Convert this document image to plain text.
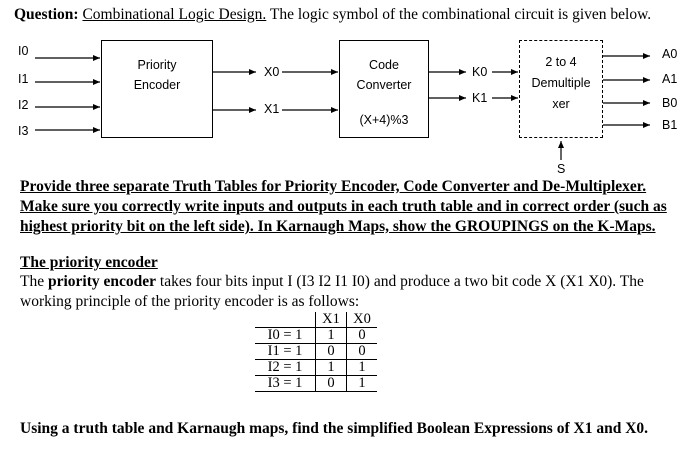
Question: Combinational Logic Design. The logic symbol of the combinational circuit is given below.
I0
I1
I2
I3
Priority
Encoder
X0
X1
Code
Converter
(X+4)%3
K0
K1
2 to 4
Demultiple
xer
S
A0
A1
B0
B1
Provide three separate Truth Tables for Priority Encoder, Code Converter and De-Multiplexer.
Make sure you correctly write inputs and outputs in each truth table and in correct order (such as
highest priority bit on the left side). In Karnaugh Maps, show the GROUPINGS on the K-Maps.
The priority encoder
The priority encoder takes four bits input I (I3 I2 I1 I0) and produce a two bit code X (X1 X0). The
working principle of the priority encoder is as follows:
	X1	X0
I0 = 1	1	0
I1 = 1	0	0
I2 = 1	1	1
I3 = 1	0	1
Using a truth table and Karnaugh maps, find the simplified Boolean Expressions of X1 and X0.
